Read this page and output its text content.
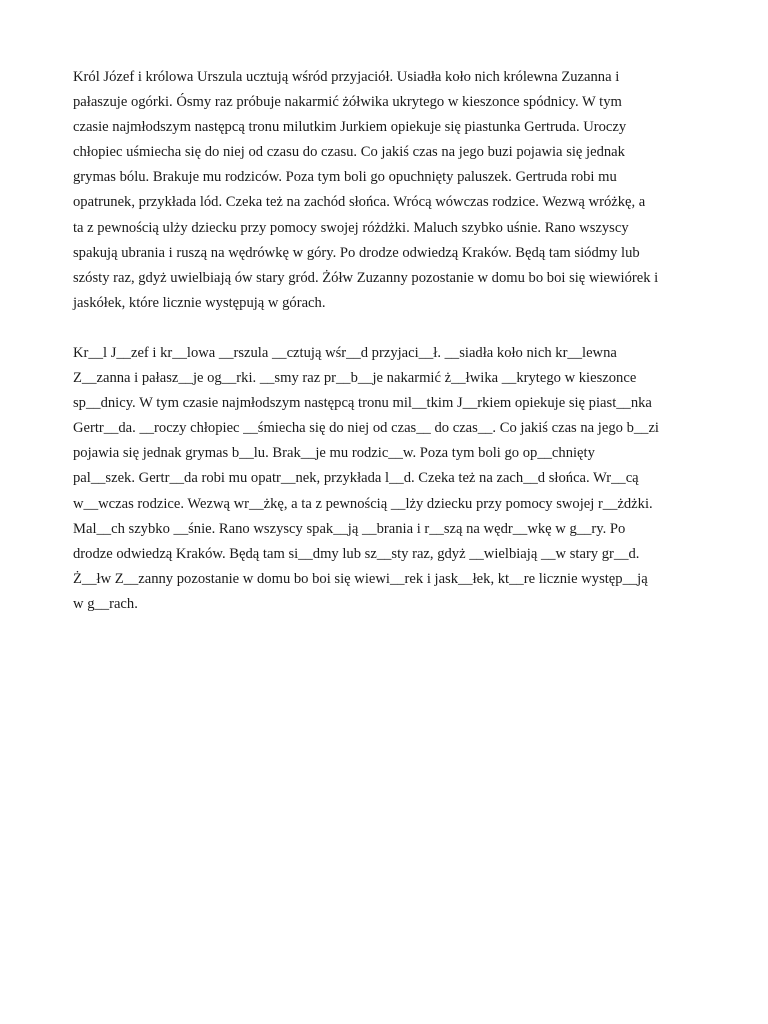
Król Józef i królowa Urszula ucztują wśród przyjaciół. Usiadła koło nich królewna Zuzanna i
pałaszuje ogórki. Ósmy raz próbuje nakarmić żółwika ukrytego w kieszonce spódnicy. W tym
czasie najmłodszym następcą tronu milutkim Jurkiem opiekuje się piastunka Gertruda. Uroczy
chłopiec uśmiecha się do niej od czasu do czasu. Co jakiś czas na jego buzi pojawia się jednak
grymas bólu. Brakuje mu rodziców. Poza tym boli go opuchnięty paluszek. Gertruda robi mu
opatrunek, przykłada lód. Czeka też na zachód słońca. Wrócą wówczas rodzice. Wezwą wróżkę, a
ta z pewnością ulży dziecku przy pomocy swojej różdżki. Maluch szybko uśnie. Rano wszyscy
spakują ubrania i ruszą na wędrówkę w góry. Po drodze odwiedzą Kraków. Będą tam siódmy lub
szósty raz, gdyż uwielbiają ów stary gród. Żółw Zuzanny pozostanie w domu bo boi się wiewiórek i
jaskółek, które licznie występują w górach.
Kr__l J__zef i kr__lowa __rszula __cztują wśr__d przyjaci__ł. __siadła koło nich kr__lewna
Z__zanna i pałasz__je og__rki. __smy raz pr__b__je nakarmić ż__łwika __krytego w kieszonce
sp__dnicy. W tym czasie najmłodszym następcą tronu mil__tkim J__rkiem opiekuje się piast__nka
Gertr__da. __roczy chłopiec __śmiecha się do niej od czas__ do czas__. Co jakiś czas na jego b__zi
pojawia się jednak grymas b__lu. Brak__je mu rodzic__w. Poza tym boli go op__chnięty
pal__szek. Gertr__da robi mu opatr__nek, przykłada l__d. Czeka też na zach__d słońca. Wr__cą
w__wczas rodzice. Wezwą wr__żkę, a ta z pewnością __lży dziecku przy pomocy swojej r__żdżki.
Mal__ch szybko __śnie. Rano wszyscy spak__ją __brania i r__szą na wędr__wkę w g__ry. Po
drodze odwiedzą Kraków. Będą tam si__dmy lub sz__sty raz, gdyż __wielbiają __w stary gr__d.
Ż__łw Z__zanny pozostanie w domu bo boi się wiewi__rek i jask__łek, kt__re licznie występ__ją
w g__rach.
